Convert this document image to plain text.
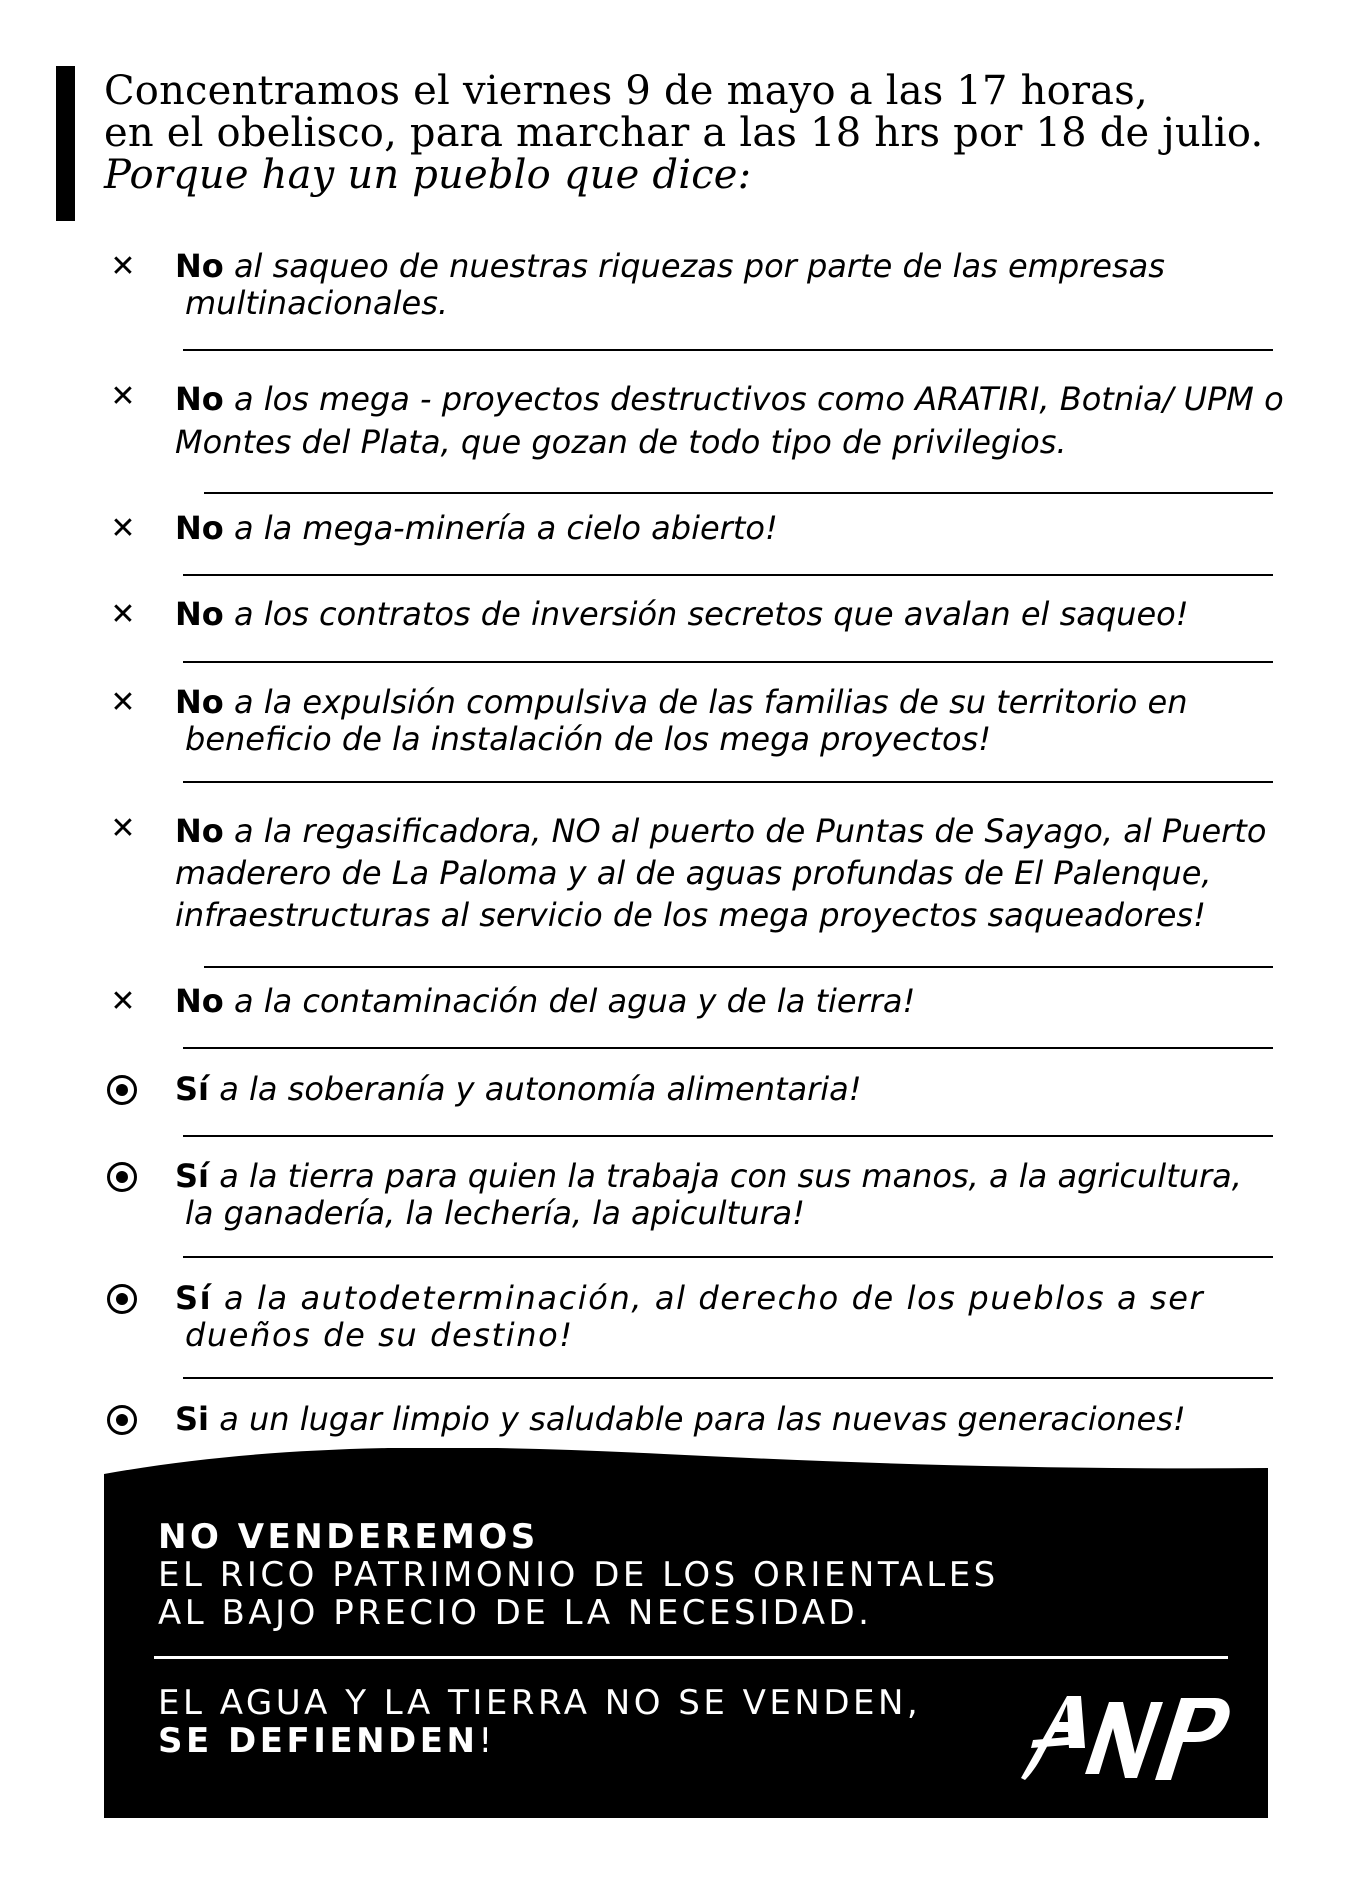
Concentramos el viernes 9 de mayo a las 17 horas,
en el obelisco, para marchar a las 18 hrs por 18 de julio.
Porque hay un pueblo que dice:
✕ No al saqueo de nuestras riquezas por parte de las empresas
multinacionales.
✕ No a los mega - proyectos destructivos como ARATIRI, Botnia/ UPM o
Montes del Plata, que gozan de todo tipo de privilegios.
✕ No a la mega-minería a cielo abierto!
✕ No a los contratos de inversión secretos que avalan el saqueo!
✕ No a la expulsión compulsiva de las familias de su territorio en
beneficio de la instalación de los mega proyectos!
✕ No a la regasificadora, NO al puerto de Puntas de Sayago, al Puerto
maderero de La Paloma y al de aguas profundas de El Palenque,
infraestructuras al servicio de los mega proyectos saqueadores!
✕ No a la contaminación del agua y de la tierra!
Sí a la soberanía y autonomía alimentaria!
Sí a la tierra para quien la trabaja con sus manos, a la agricultura,
la ganadería, la lechería, la apicultura!
Sí a la autodeterminación, al derecho de los pueblos a ser
dueños de su destino!
Si a un lugar limpio y saludable para las nuevas generaciones!
NO VENDEREMOS
EL RICO PATRIMONIO DE LOS ORIENTALES
AL BAJO PRECIO DE LA NECESIDAD.
EL AGUA Y LA TIERRA NO SE VENDEN,
SE DEFIENDEN!
